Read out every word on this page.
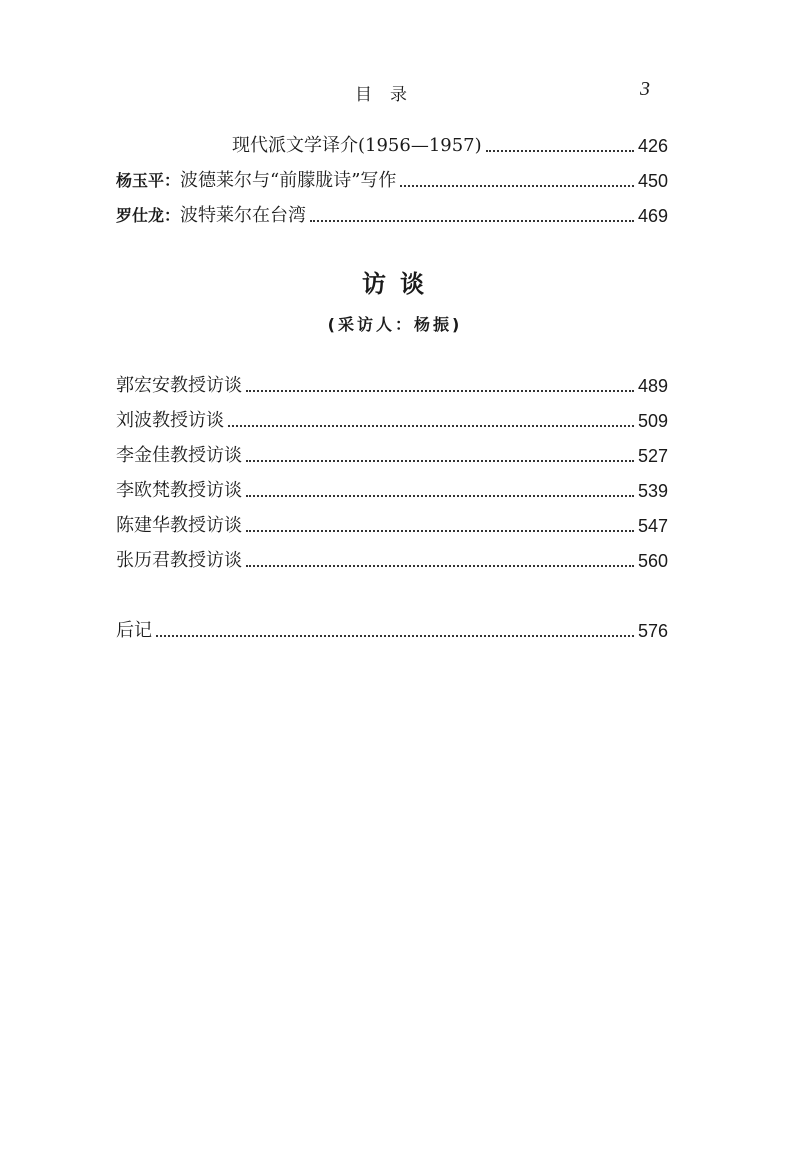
目录	3
现代派文学译介(1956—1957)	426
杨玉平： 波德莱尔与“前朦胧诗”写作	450
罗仕龙： 波特莱尔在台湾	469
访谈
(采访人：杨振)
郭宏安教授访谈	489
刘波教授访谈	509
李金佳教授访谈	527
李欧梵教授访谈	539
陈建华教授访谈	547
张历君教授访谈	560
后记	576
